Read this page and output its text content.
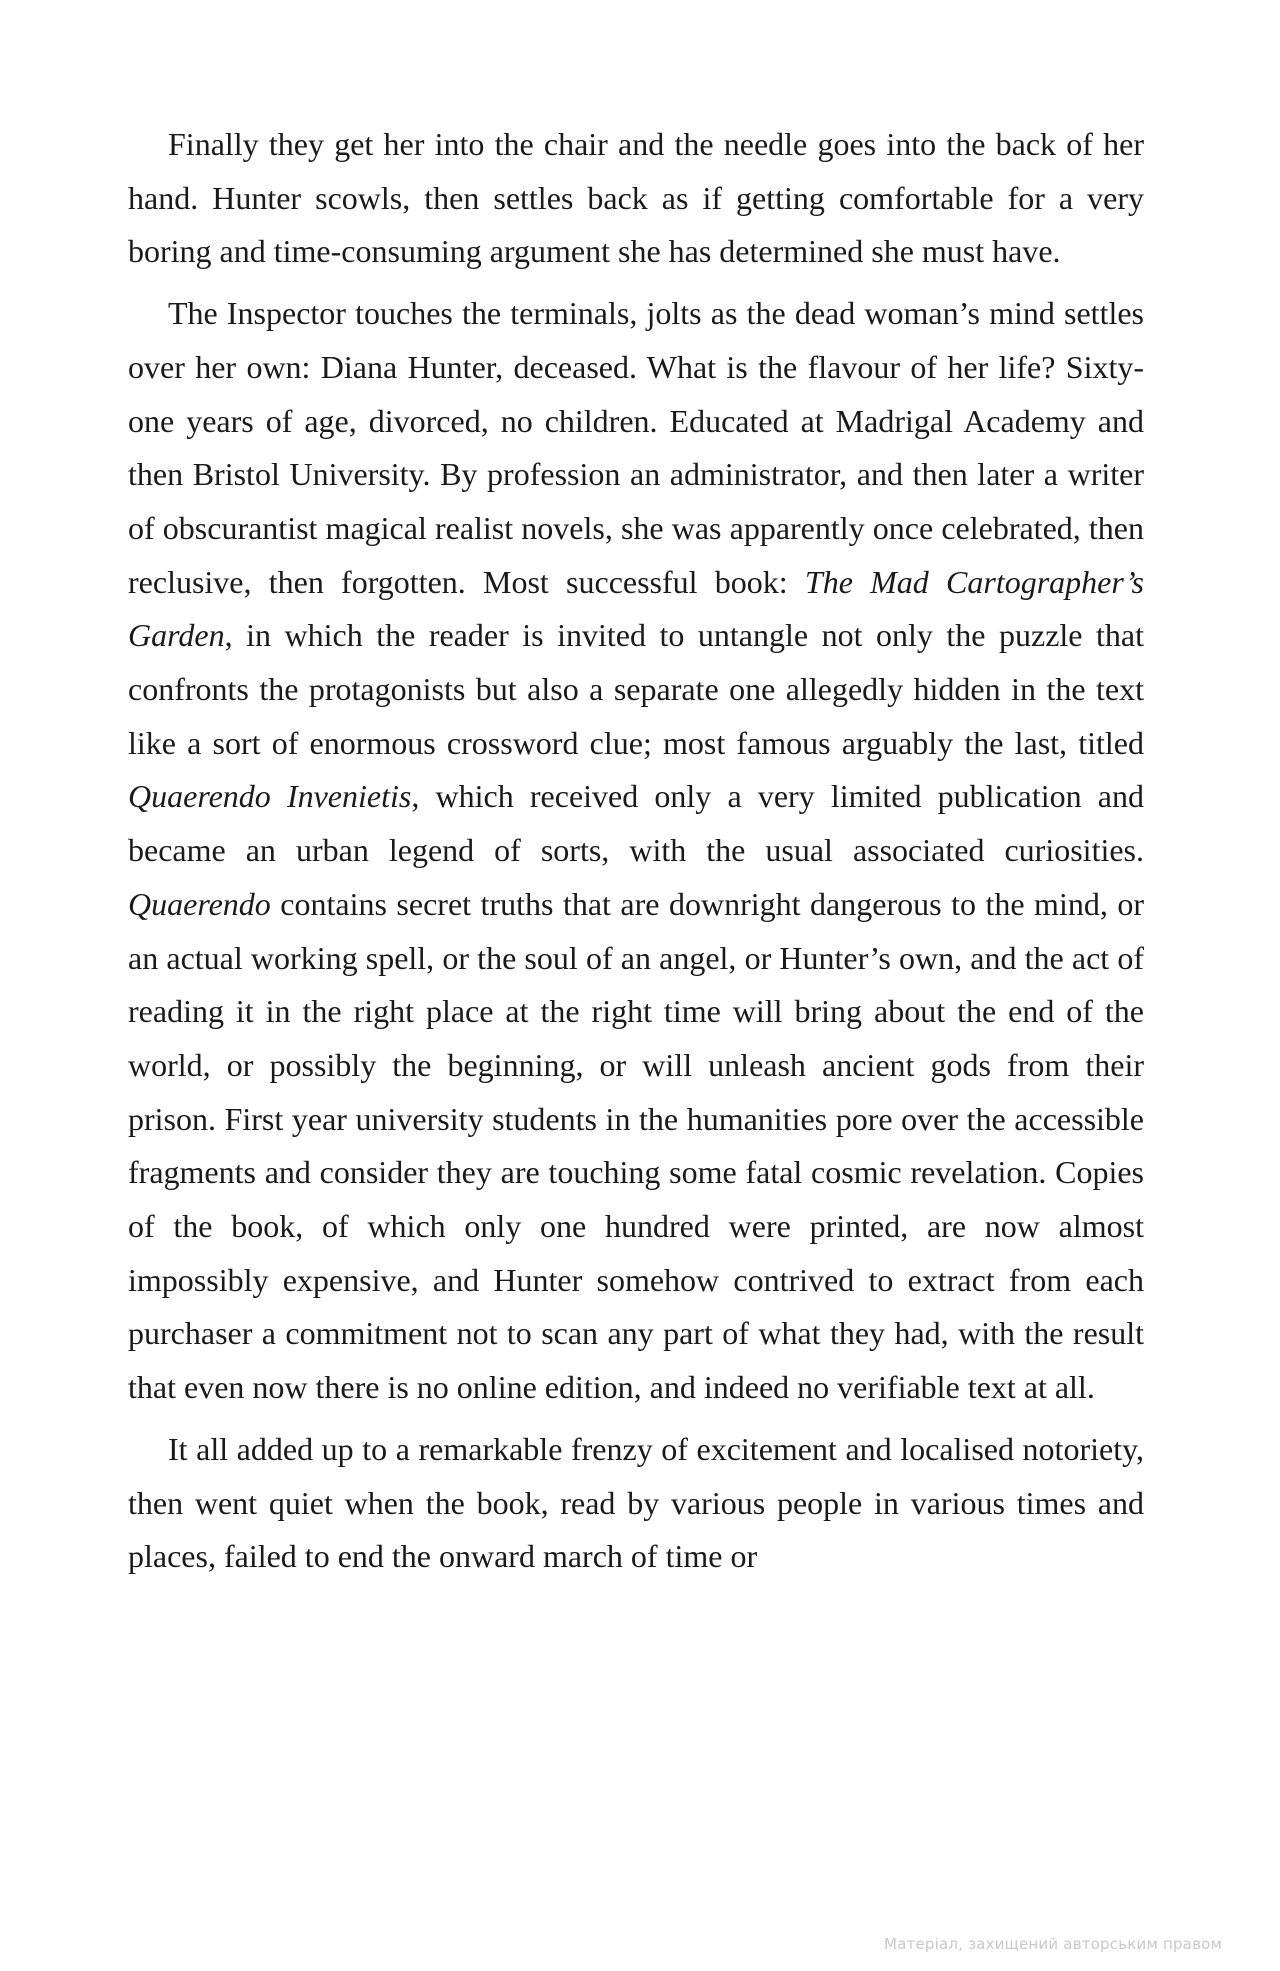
Finally they get her into the chair and the needle goes into the back of her hand. Hunter scowls, then settles back as if getting comfortable for a very boring and time-consuming argument she has determined she must have.

The Inspector touches the terminals, jolts as the dead woman’s mind settles over her own: Diana Hunter, deceased. What is the flavour of her life? Sixty-one years of age, divorced, no children. Educated at Madrigal Academy and then Bristol University. By profession an administrator, and then later a writer of obscurantist magical realist novels, she was apparently once celebrated, then reclusive, then forgotten. Most successful book: The Mad Cartographer’s Garden, in which the reader is invited to untangle not only the puzzle that confronts the protagonists but also a separate one allegedly hidden in the text like a sort of enormous crossword clue; most famous arguably the last, titled Quaerendo Invenietis, which received only a very limited publication and became an urban legend of sorts, with the usual associated curiosities. Quaerendo contains secret truths that are downright dangerous to the mind, or an actual working spell, or the soul of an angel, or Hunter’s own, and the act of reading it in the right place at the right time will bring about the end of the world, or possibly the beginning, or will unleash ancient gods from their prison. First year university students in the humanities pore over the accessible fragments and consider they are touching some fatal cosmic revelation. Copies of the book, of which only one hundred were printed, are now almost impossibly expensive, and Hunter somehow contrived to extract from each purchaser a commitment not to scan any part of what they had, with the result that even now there is no online edition, and indeed no verifiable text at all.

It all added up to a remarkable frenzy of excitement and localised notoriety, then went quiet when the book, read by various people in various times and places, failed to end the onward march of time or

Матеріал, захищений авторським правом
